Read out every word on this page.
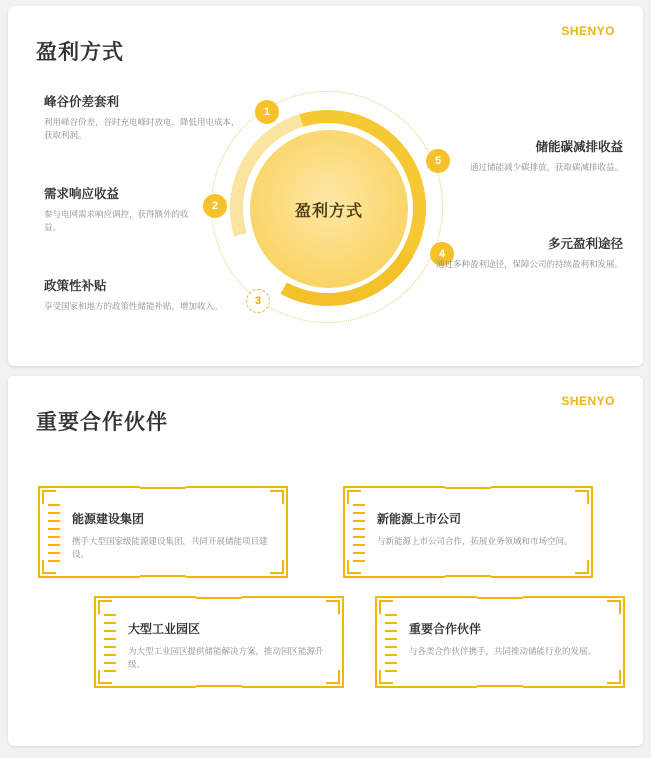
SHENYO
盈利方式
盈利方式
1
2
3
4
5
峰谷价差套利
利用峰谷价差，谷时充电峰时放电，降低用电成本，获取利润。
需求响应收益
参与电网需求响应调控，获得额外的收益。
政策性补贴
享受国家和地方的政策性储能补贴，增加收入。
多元盈利途径
通过多种盈利途径，保障公司的持续盈利和发展。
储能碳减排收益
通过储能减少碳排放，获取碳减排收益。
SHENYO
重要合作伙伴
能源建设集团
携手大型国家级能源建设集团，共同开展储能项目建设。
新能源上市公司
与新能源上市公司合作，拓展业务领域和市场空间。
大型工业园区
为大型工业园区提供储能解决方案，推动园区能源升级。
重要合作伙伴
与各类合作伙伴携手，共同推动储能行业的发展。
